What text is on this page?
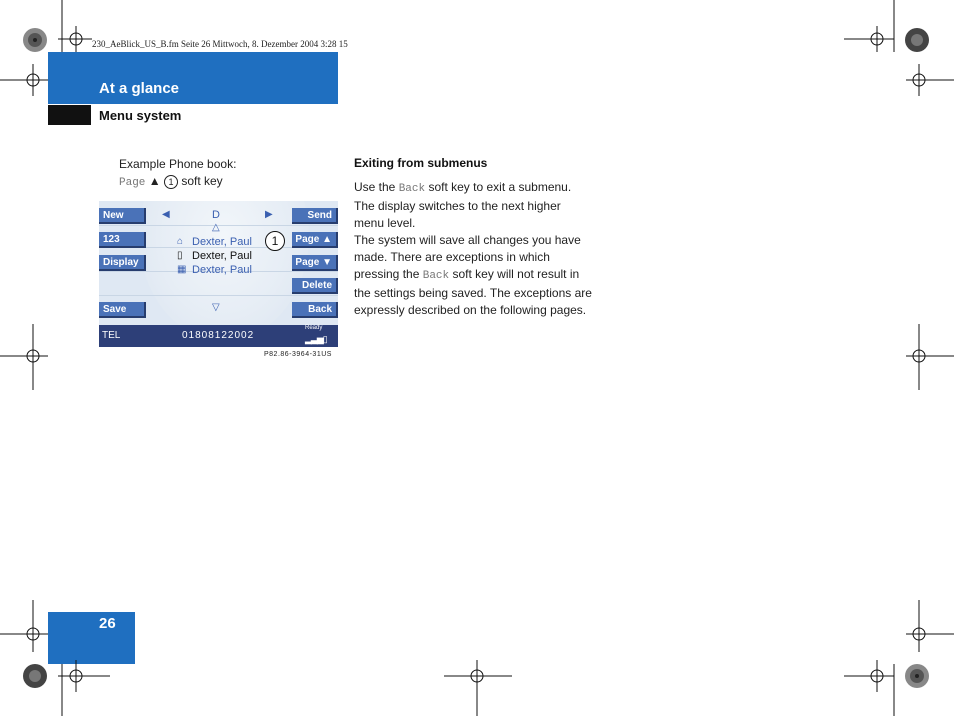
230_AeBlick_US_B.fm Seite 26 Mittwoch, 8. Dezember 2004 3:28 15
At a glance
Menu system
Example Phone book:
Page ▲ 1 soft key
New
123
Display
Save
Send
Page ▲
Page ▼
Delete
Back
◀	D	▶
△
⌂ Dexter, Paul
▯ Dexter, Paul
▦ Dexter, Paul
1
▽
TEL	01808122002
Ready
▂▃▅▯
P82.86-3964-31US
Exiting from submenus

Use the Back soft key to exit a submenu. The display switches to the next higher menu level.

The system will save all changes you have made. There are exceptions in which pressing the Back soft key will not result in the settings being saved. The exceptions are expressly described on the following pages.

26
